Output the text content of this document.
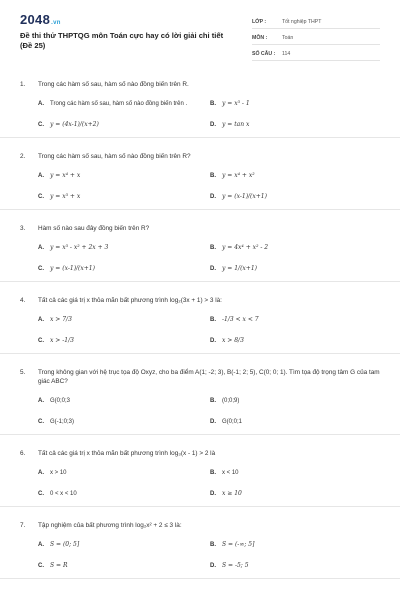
2048.vn
Đề thi thử THPTQG môn Toán cực hay có lời giải chi tiết (Đề 25)
LỚP :	Tốt nghiệp THPT
MÔN :	Toán
SỐ CÂU :	114
1.	Trong các hàm số sau, hàm số nào đồng biến trên R.
A.	Trong các hàm số sau, hàm số nào đồng biến trên .	B.	y = x³ - 1
C.	y = (4x-1)/(x+2)	D.	y = tan x
2.	Trong các hàm số sau, hàm số nào đồng biến trên R?
A.	y = x⁴ + x	B.	y = x⁴ + x²
C.	y = x³ + x	D.	y = (x-1)/(x+1)
3.	Hàm số nào sau đây đồng biến trên R?
A.	y = x³ - x² + 2x + 3	B.	y = 4x⁴ + x² - 2
C.	y = (x-1)/(x+1)	D.	y = 1/(x+1)
4.	Tất cả các giá trị x thỏa mãn bất phương trình log₂(3x + 1) > 3 là:
A.	x > 7/3	B.	-1/3 < x < 7
C.	x > -1/3	D.	x > 8/3
5.	Trong không gian với hệ trục tọa độ Oxyz, cho ba điểm A(1; -2; 3), B(-1; 2; 5), C(0; 0; 1). Tìm tọa độ trọng tâm G của tam giác ABC?
A.	G(0;0;3	B.	(0;0;9)
C.	G(-1;0;3)	D.	G(0;0;1
6.	Tất cả các giá trị x thỏa mãn bất phương trình log₃(x - 1) > 2 là
A.	x > 10	B.	x < 10
C.	0 < x < 10	D.	x ≥ 10
7.	Tập nghiệm của bất phương trình log₂x² + 2 ≤ 3 là:
A.	S = (0; 5]	B.	S = (-∞; 5]
C.	S = R	D.	S = -5; 5
